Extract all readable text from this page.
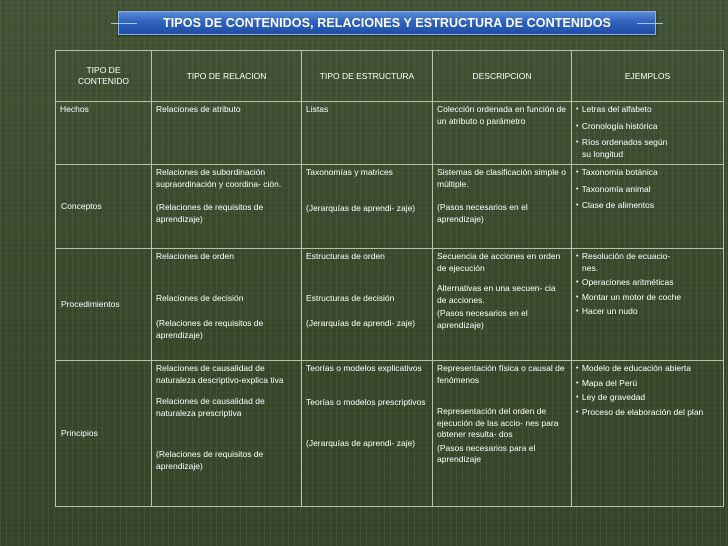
TIPOS DE CONTENIDOS, RELACIONES Y ESTRUCTURA DE CONTENIDOS
TIPO DE CONTENIDO	TIPO DE RELACION	TIPO DE ESTRUCTURA	DESCRIPCION	EJEMPLOS
Hechos	Relaciones de atributo	Listas	Colección ordenada en función de un atributo o parámetro	• Letras del alfabeto
• Cronología histórica
• Ríos ordenados según
su longitud

Conceptos	Relaciones de subordinación supraordinación y coordina- ción.
(Relaciones de requisitos de aprendizaje)	Taxonomías y matrices
(Jerarquías de aprendi- zaje)	Sistemas de clasificación simple o múltiple.
(Pasos necesarios en el aprendizaje)	• Taxonomía botánica
• Taxonomía animal
• Clase de alimentos

Procedimientos	Relaciones de orden
Relaciones de decisión
(Relaciones de requisitos de aprendizaje)	Estructuras de orden
Estructuras de decisión
(Jerarquías de aprendi- zaje)	Secuencia de acciones en orden de ejecución
Alternativas en una secuen- cia de acciones.
(Pasos necesarios en el aprendizaje)	• Resolución de ecuacio-
nes.
• Operaciones aritméticas
• Montar un motor de coche
• Hacer un nudo

Principios	Relaciones de causalidad de naturaleza descriptivo-explica tiva
Relaciones de causalidad de naturaleza prescriptiva
(Relaciones de requisitos de aprendizaje)	Teorías o modelos explicativos
Teorías o modelos prescriptivos
(Jerarquías de aprendi- zaje)	Representación física o causal de fenómenos
Representación del orden de ejecución de las accio- nes para obtener resulta- dos
(Pasos necesarios para el aprendizaje	• Modelo de educación abierta
• Mapa del Perú
• Ley de gravedad
• Proceso de elaboración del plan
